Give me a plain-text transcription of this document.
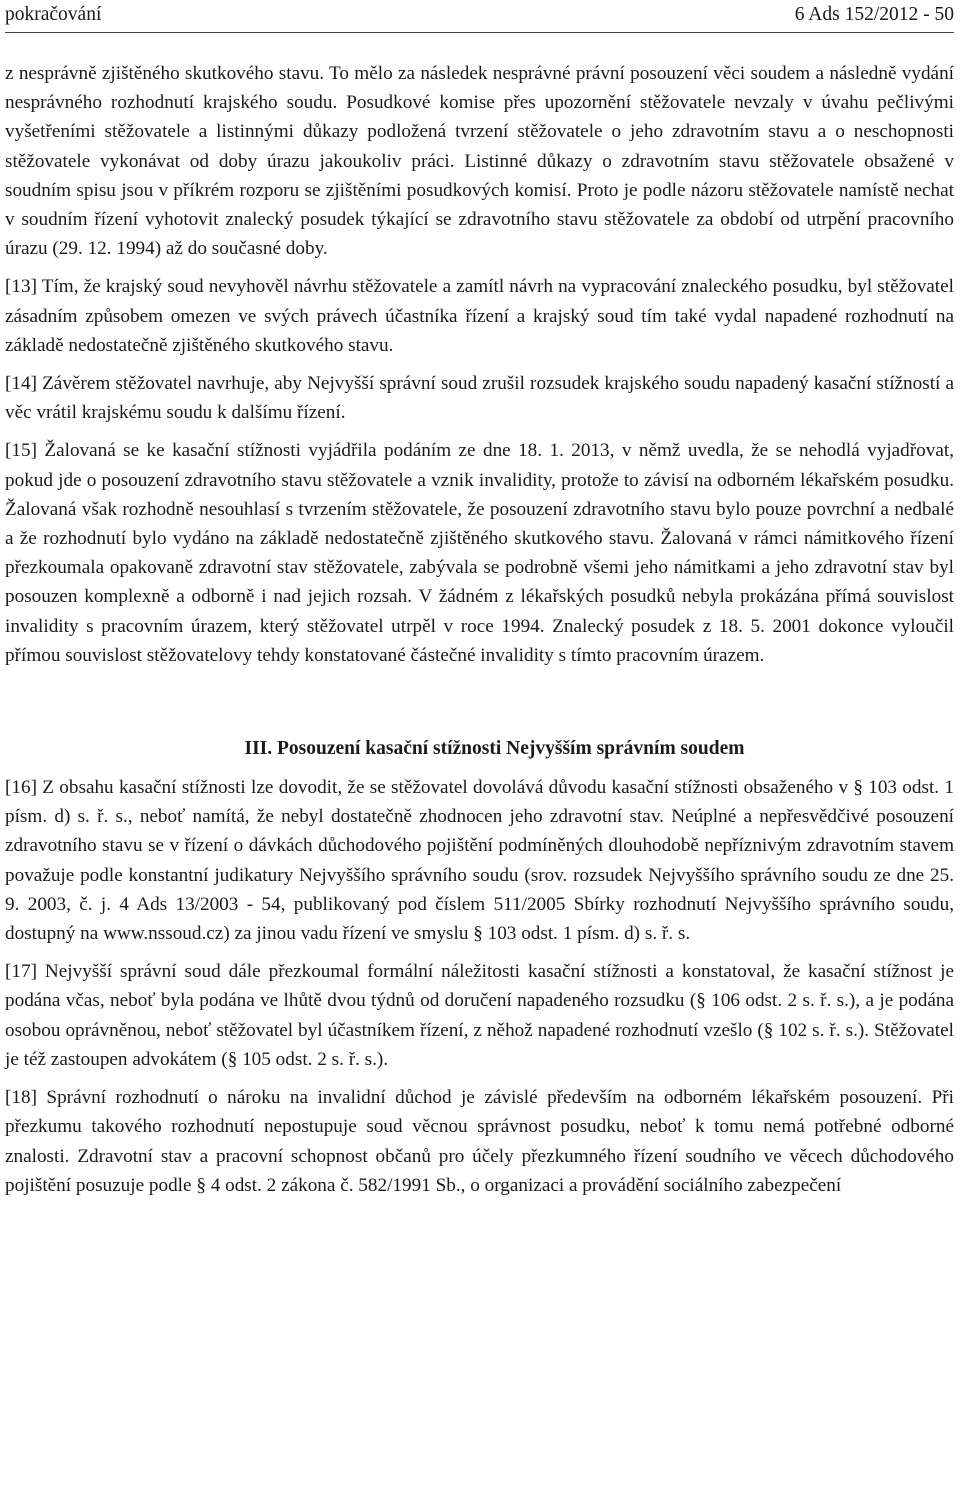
pokračování	6 Ads 152/2012 - 50

z nesprávně zjištěného skutkového stavu. To mělo za následek nesprávné právní posouzení věci soudem a následně vydání nesprávného rozhodnutí krajského soudu. Posudkové komise přes upozornění stěžovatele nevzaly v úvahu pečlivými vyšetřeními stěžovatele a listinnými důkazy podložená tvrzení stěžovatele o jeho zdravotním stavu a o neschopnosti stěžovatele vykonávat od doby úrazu jakoukoliv práci. Listinné důkazy o zdravotním stavu stěžovatele obsažené v soudním spisu jsou v příkrém rozporu se zjištěními posudkových komisí. Proto je podle názoru stěžovatele namístě nechat v soudním řízení vyhotovit znalecký posudek týkající se zdravotního stavu stěžovatele za období od utrpění pracovního úrazu (29. 12. 1994) až do současné doby.

[13] Tím, že krajský soud nevyhověl návrhu stěžovatele a zamítl návrh na vypracování znaleckého posudku, byl stěžovatel zásadním způsobem omezen ve svých právech účastníka řízení a krajský soud tím také vydal napadené rozhodnutí na základě nedostatečně zjištěného skutkového stavu.

[14] Závěrem stěžovatel navrhuje, aby Nejvyšší správní soud zrušil rozsudek krajského soudu napadený kasační stížností a věc vrátil krajskému soudu k dalšímu řízení.

[15] Žalovaná se ke kasační stížnosti vyjádřila podáním ze dne 18. 1. 2013, v němž uvedla, že se nehodlá vyjadřovat, pokud jde o posouzení zdravotního stavu stěžovatele a vznik invalidity, protože to závisí na odborném lékařském posudku. Žalovaná však rozhodně nesouhlasí s tvrzením stěžovatele, že posouzení zdravotního stavu bylo pouze povrchní a nedbalé a že rozhodnutí bylo vydáno na základě nedostatečně zjištěného skutkového stavu. Žalovaná v rámci námitkového řízení přezkoumala opakovaně zdravotní stav stěžovatele, zabývala se podrobně všemi jeho námitkami a jeho zdravotní stav byl posouzen komplexně a odborně i nad jejich rozsah. V žádném z lékařských posudků nebyla prokázána přímá souvislost invalidity s pracovním úrazem, který stěžovatel utrpěl v roce 1994. Znalecký posudek z 18. 5. 2001 dokonce vyloučil přímou souvislost stěžovatelovy tehdy konstatované částečné invalidity s tímto pracovním úrazem.

III. Posouzení kasační stížnosti Nejvyšším správním soudem

[16] Z obsahu kasační stížnosti lze dovodit, že se stěžovatel dovolává důvodu kasační stížnosti obsaženého v § 103 odst. 1 písm. d) s. ř. s., neboť namítá, že nebyl dostatečně zhodnocen jeho zdravotní stav. Neúplné a nepřesvědčivé posouzení zdravotního stavu se v řízení o dávkách důchodového pojištění podmíněných dlouhodobě nepříznivým zdravotním stavem považuje podle konstantní judikatury Nejvyššího správního soudu (srov. rozsudek Nejvyššího správního soudu ze dne 25. 9. 2003, č. j. 4 Ads 13/2003 - 54, publikovaný pod číslem 511/2005 Sbírky rozhodnutí Nejvyššího správního soudu, dostupný na www.nssoud.cz) za jinou vadu řízení ve smyslu § 103 odst. 1 písm. d) s. ř. s.

[17] Nejvyšší správní soud dále přezkoumal formální náležitosti kasační stížnosti a konstatoval, že kasační stížnost je podána včas, neboť byla podána ve lhůtě dvou týdnů od doručení napadeného rozsudku (§ 106 odst. 2 s. ř. s.), a je podána osobou oprávněnou, neboť stěžovatel byl účastníkem řízení, z něhož napadené rozhodnutí vzešlo (§ 102 s. ř. s.). Stěžovatel je též zastoupen advokátem (§ 105 odst. 2 s. ř. s.).

[18] Správní rozhodnutí o nároku na invalidní důchod je závislé především na odborném lékařském posouzení. Při přezkumu takového rozhodnutí nepostupuje soud věcnou správnost posudku, neboť k tomu nemá potřebné odborné znalosti. Zdravotní stav a pracovní schopnost občanů pro účely přezkumného řízení soudního ve věcech důchodového pojištění posuzuje podle § 4 odst. 2 zákona č. 582/1991 Sb., o organizaci a provádění sociálního zabezpečení
